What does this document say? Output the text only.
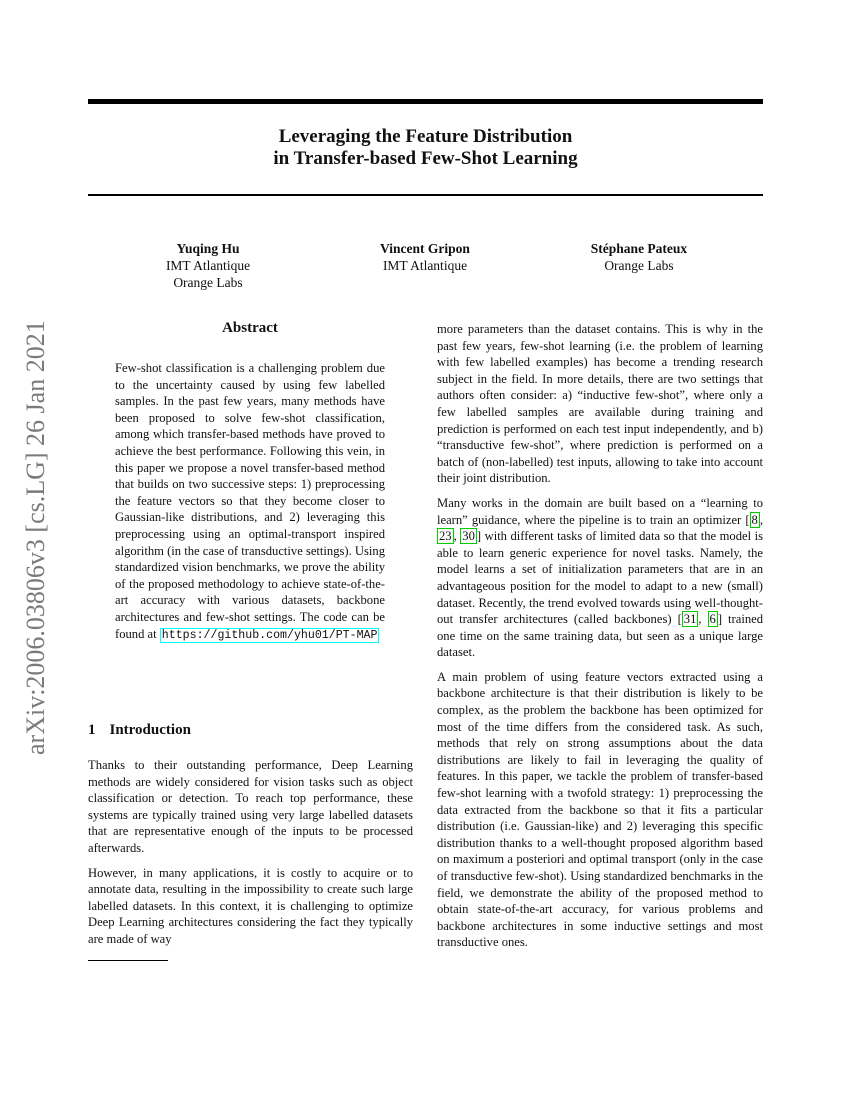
Leveraging the Feature Distribution
in Transfer-based Few-Shot Learning
Yuqing Hu
IMT Atlantique
Orange Labs
Vincent Gripon
IMT Atlantique
Stéphane Pateux
Orange Labs
arXiv:2006.03806v3 [cs.LG] 26 Jan 2021	Abstract
Few-shot classification is a challenging problem due to the uncertainty caused by using few labelled samples. In the past few years, many methods have been proposed to solve few-shot classification, among which transfer-based methods have proved to achieve the best performance. Following this vein, in this paper we propose a novel transfer-based method that builds on two successive steps: 1) preprocessing the feature vectors so that they become closer to Gaussian-like distributions, and 2) leveraging this preprocessing using an optimal-transport inspired algorithm (in the case of transductive settings). Using standardized vision benchmarks, we prove the ability of the proposed methodology to achieve state-of-the-art accuracy with various datasets, backbone architectures and few-shot settings. The code can be found at https://github.com/yhu01/PT-MAP
1 Introduction

Thanks to their outstanding performance, Deep Learning methods are widely considered for vision tasks such as object classification or detection. To reach top performance, these systems are typically trained using very large labelled datasets that are representative enough of the inputs to be processed afterwards.

However, in many applications, it is costly to acquire or to annotate data, resulting in the impossibility to create such large labelled datasets. In this context, it is challenging to optimize Deep Learning architectures considering the fact they typically are made of way

more parameters than the dataset contains. This is why in the past few years, few-shot learning (i.e. the problem of learning with few labelled examples) has become a trending research subject in the field. In more details, there are two settings that authors often consider: a) “inductive few-shot”, where only a few labelled samples are available during training and prediction is performed on each test input independently, and b) “transductive few-shot”, where prediction is performed on a batch of (non-labelled) test inputs, allowing to take into account their joint distribution.

Many works in the domain are built based on a “learning to learn” guidance, where the pipeline is to train an optimizer [ 8 , 23 , 30 ] with different tasks of limited data so that the model is able to learn generic experience for novel tasks. Namely, the model learns a set of initialization parameters that are in an advantageous position for the model to adapt to a new (small) dataset. Recently, the trend evolved towards using well-thought-out transfer architectures (called backbones) [ 31 , 6 ] trained one time on the same training data, but seen as a unique large dataset.

A main problem of using feature vectors extracted using a backbone architecture is that their distribution is likely to be complex, as the problem the backbone has been optimized for most of the time differs from the considered task. As such, methods that rely on strong assumptions about the data distributions are likely to fail in leveraging the quality of features. In this paper, we tackle the problem of transfer-based few-shot learning with a twofold strategy: 1) preprocessing the data extracted from the backbone so that it fits a particular distribution (i.e. Gaussian-like) and 2) leveraging this specific distribution thanks to a well-thought proposed algorithm based on maximum a posteriori and optimal transport (only in the case of transductive few-shot). Using standardized benchmarks in the field, we demonstrate the ability of the proposed method to obtain state-of-the-art accuracy, for various problems and backbone architectures in some inductive settings and most transductive ones.
